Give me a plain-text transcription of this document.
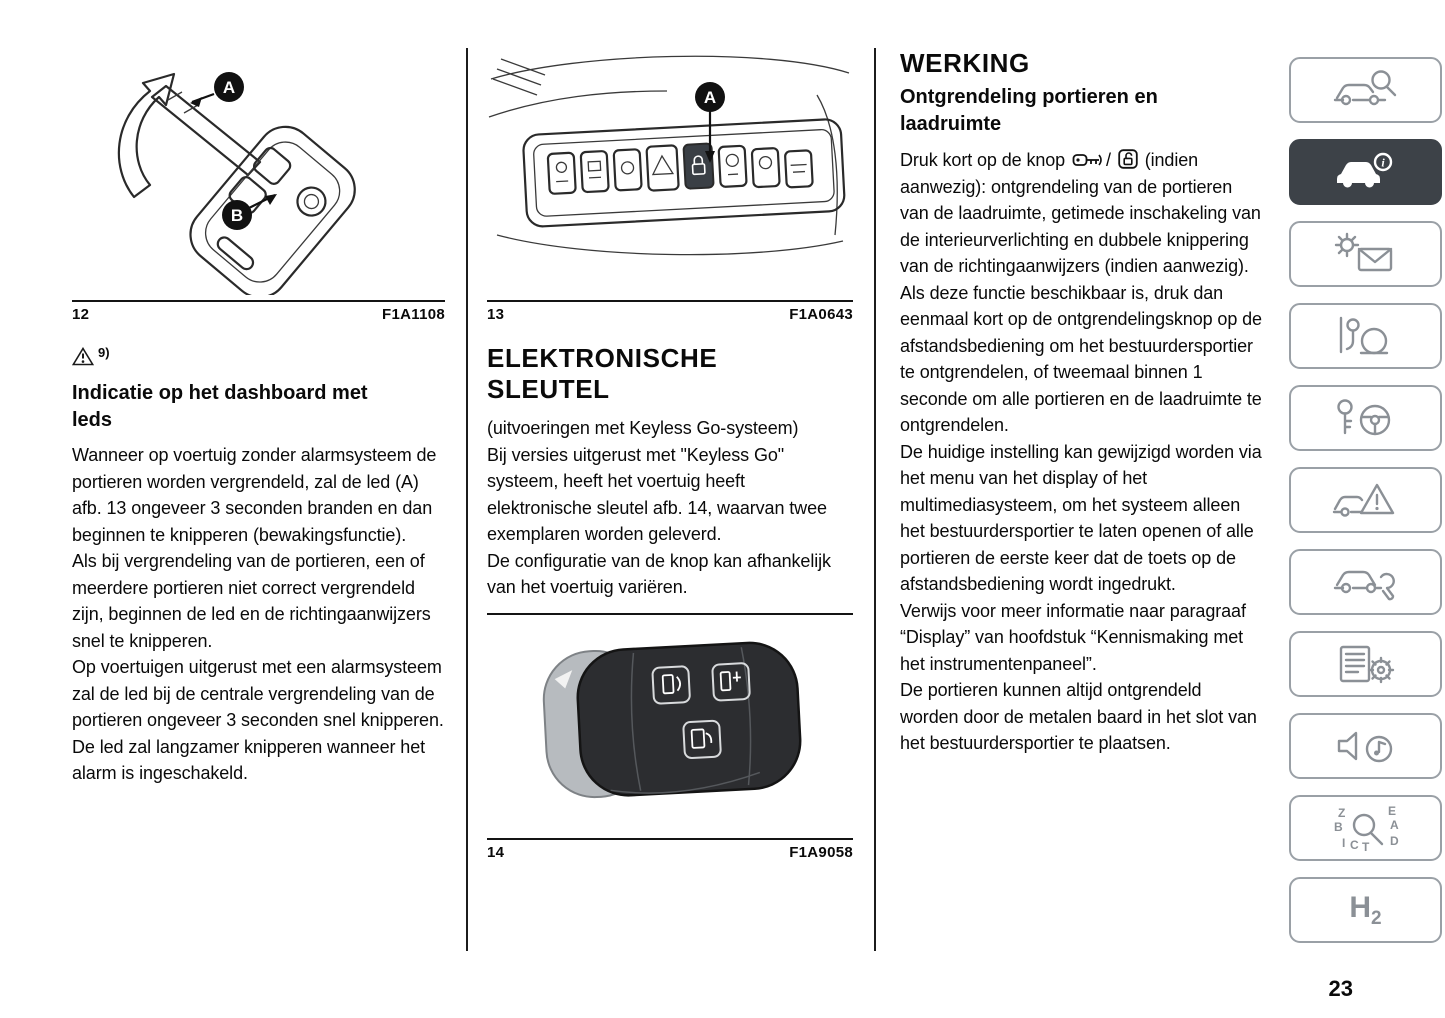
A
B
12	F1A1108
9)
Indicatie op het dashboard met leds

Wanneer op voertuig zonder alarmsysteem de portieren worden vergrendeld, zal de led (A) afb. 13 ongeveer 3 seconden branden en dan beginnen te knipperen (bewakingsfunctie).

Als bij vergrendeling van de portieren, een of meerdere portieren niet correct vergrendeld zijn, beginnen de led en de richtingaanwijzers snel te knipperen.

Op voertuigen uitgerust met een alarmsysteem zal de led bij de centrale vergrendeling van de portieren ongeveer 3 seconden snel knipperen. De led zal langzamer knipperen wanneer het alarm is ingeschakeld.

A
13	F1A0643
ELEKTRONISCHE SLEUTEL

(uitvoeringen met Keyless Go-systeem)

Bij versies uitgerust met "Keyless Go" systeem, heeft het voertuig heeft elektronische sleutel afb. 14, waarvan twee exemplaren worden geleverd.

De configuratie van de knop kan afhankelijk van het voertuig variëren.

14	F1A9058
WERKING
Ontgrendeling portieren en laadruimte

Druk kort op de knop / (indien aanwezig): ontgrendeling van de portieren van de laadruimte, getimede inschakeling van de interieurverlichting en dubbele knippering van de richtingaanwijzers (indien aanwezig).

Als deze functie beschikbaar is, druk dan eenmaal kort op de ontgrendelingsknop op de afstandsbediening om het bestuurdersportier te ontgrendelen, of tweemaal binnen 1 seconde om alle portieren en de laadruimte te ontgrendelen.

De huidige instelling kan gewijzigd worden via het menu van het display of het multimediasysteem, om het systeem alleen het bestuurdersportier te laten openen of alle portieren de eerste keer dat de toets op de afstandsbediening wordt ingedrukt.

Verwijs voor meer informatie naar paragraaf “Display” van hoofdstuk “Kennismaking met het instrumentenpaneel”.

De portieren kunnen altijd ontgrendeld worden door de metalen baard in het slot van het bestuurdersportier te plaatsen.

i
Z	E
B	A
I C T D
$H_2$
23
